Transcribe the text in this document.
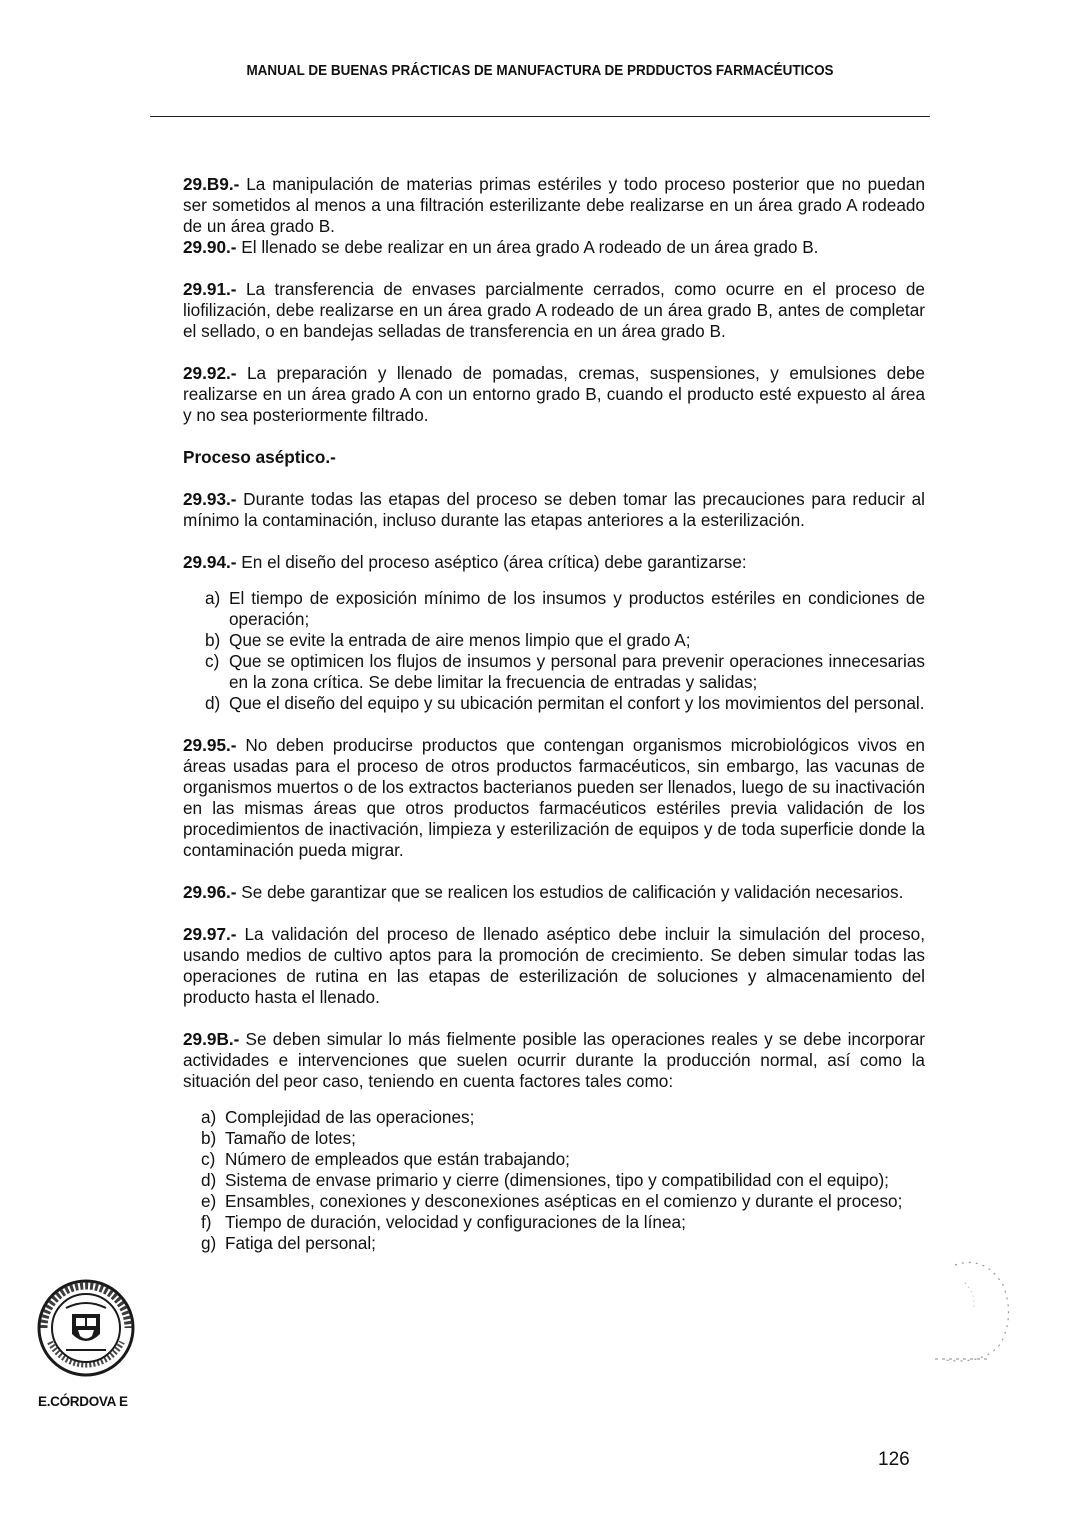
MANUAL DE BUENAS PRÁCTICAS DE MANUFACTURA DE PRDDUCTOS FARMACÉUTICOS

29.B9.- La manipulación de materias primas estériles y todo proceso posterior que no puedan ser sometidos al menos a una filtración esterilizante debe realizarse en un área grado A rodeado de un área grado B.

29.90.- El llenado se debe realizar en un área grado A rodeado de un área grado B.

29.91.- La transferencia de envases parcialmente cerrados, como ocurre en el proceso de liofilización, debe realizarse en un área grado A rodeado de un área grado B, antes de completar el sellado, o en bandejas selladas de transferencia en un área grado B.

29.92.- La preparación y llenado de pomadas, cremas, suspensiones, y emulsiones debe realizarse en un área grado A con un entorno grado B, cuando el producto esté expuesto al área y no sea posteriormente filtrado.

Proceso aséptico.-

29.93.- Durante todas las etapas del proceso se deben tomar las precauciones para reducir al mínimo la contaminación, incluso durante las etapas anteriores a la esterilización.

29.94.- En el diseño del proceso aséptico (área crítica) debe garantizarse:

a) El tiempo de exposición mínimo de los insumos y productos estériles en condiciones de operación;
b) Que se evite la entrada de aire menos limpio que el grado A;
c) Que se optimicen los flujos de insumos y personal para prevenir operaciones innecesarias en la zona crítica. Se debe limitar la frecuencia de entradas y salidas;
d) Que el diseño del equipo y su ubicación permitan el confort y los movimientos del personal.

29.95.- No deben producirse productos que contengan organismos microbiológicos vivos en áreas usadas para el proceso de otros productos farmacéuticos, sin embargo, las vacunas de organismos muertos o de los extractos bacterianos pueden ser llenados, luego de su inactivación en las mismas áreas que otros productos farmacéuticos estériles previa validación de los procedimientos de inactivación, limpieza y esterilización de equipos y de toda superficie donde la contaminación pueda migrar.

29.96.- Se debe garantizar que se realicen los estudios de calificación y validación necesarios.

29.97.- La validación del proceso de llenado aséptico debe incluir la simulación del proceso, usando medios de cultivo aptos para la promoción de crecimiento. Se deben simular todas las operaciones de rutina en las etapas de esterilización de soluciones y almacenamiento del producto hasta el llenado.

29.9B.- Se deben simular lo más fielmente posible las operaciones reales y se debe incorporar actividades e intervenciones que suelen ocurrir durante la producción normal, así como la situación del peor caso, teniendo en cuenta factores tales como:

a) Complejidad de las operaciones;
b) Tamaño de lotes;
c) Número de empleados que están trabajando;
d) Sistema de envase primario y cierre (dimensiones, tipo y compatibilidad con el equipo);
e) Ensambles, conexiones y desconexiones asépticas en el comienzo y durante el proceso;
f) Tiempo de duración, velocidad y configuraciones de la línea;
g) Fatiga del personal;
E.CÓRDOVA E
126
